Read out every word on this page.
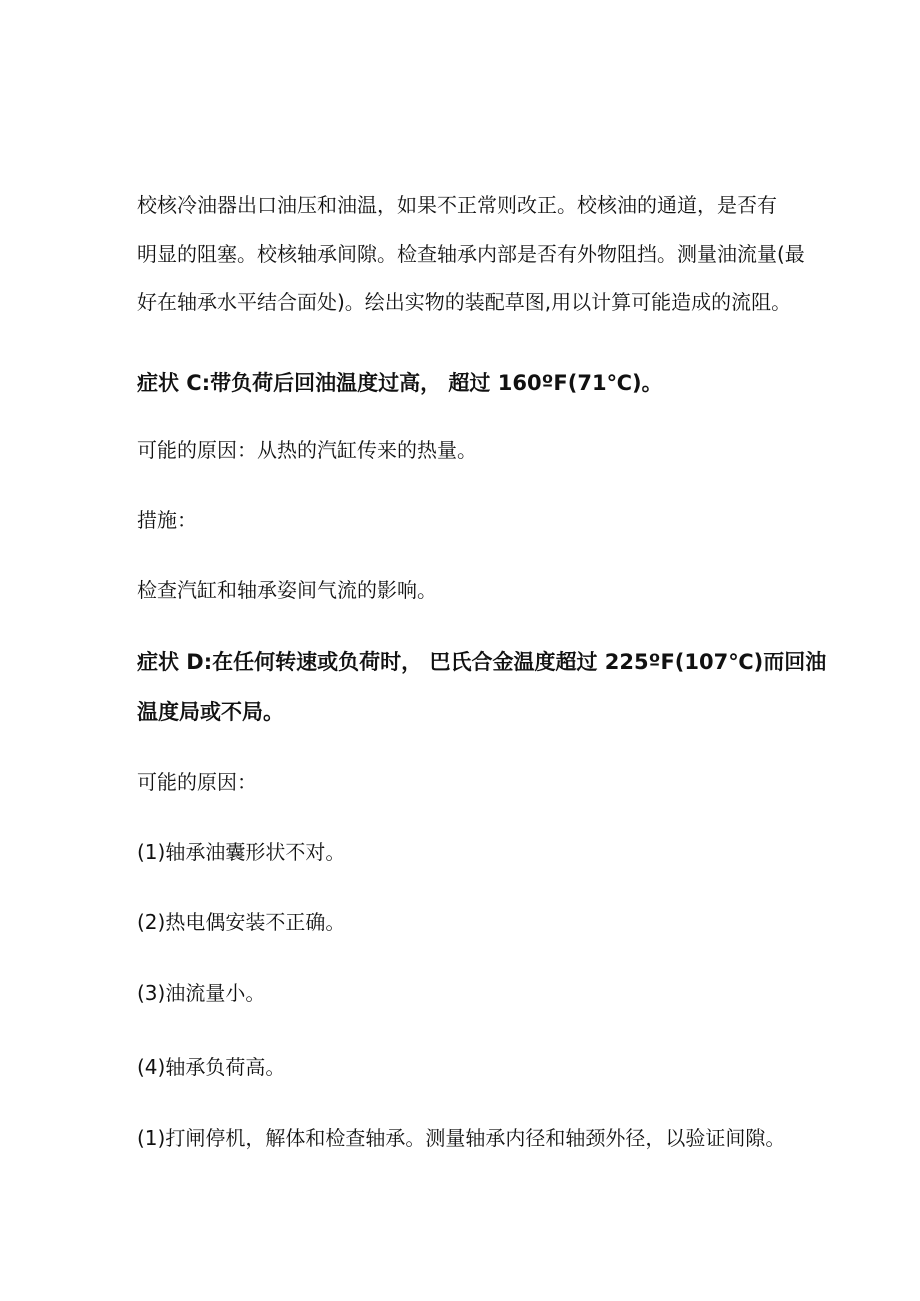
校核冷油器出口油压和油温，如果不正常则改正。校核油的通道，是否有
明显的阻塞。校核轴承间隙。检查轴承内部是否有外物阻挡。测量油流量(最
好在轴承水平结合面处)。绘出实物的装配草图,用以计算可能造成的流阻。
症状 C:带负荷后回油温度过高， 超过 160ºF(71℃)。
可能的原因：从热的汽缸传来的热量。
措施：
检查汽缸和轴承姿间气流的影响。
症状 D:在任何转速或负荷时， 巴氏合金温度超过 225ºF(107℃)而回油
温度局或不局。
可能的原因：
(1)轴承油囊形状不对。
(2)热电偶安装不正确。
(3)油流量小。
(4)轴承负荷高。
(1)打闸停机，解体和检查轴承。测量轴承内径和轴颈外径，以验证间隙。
